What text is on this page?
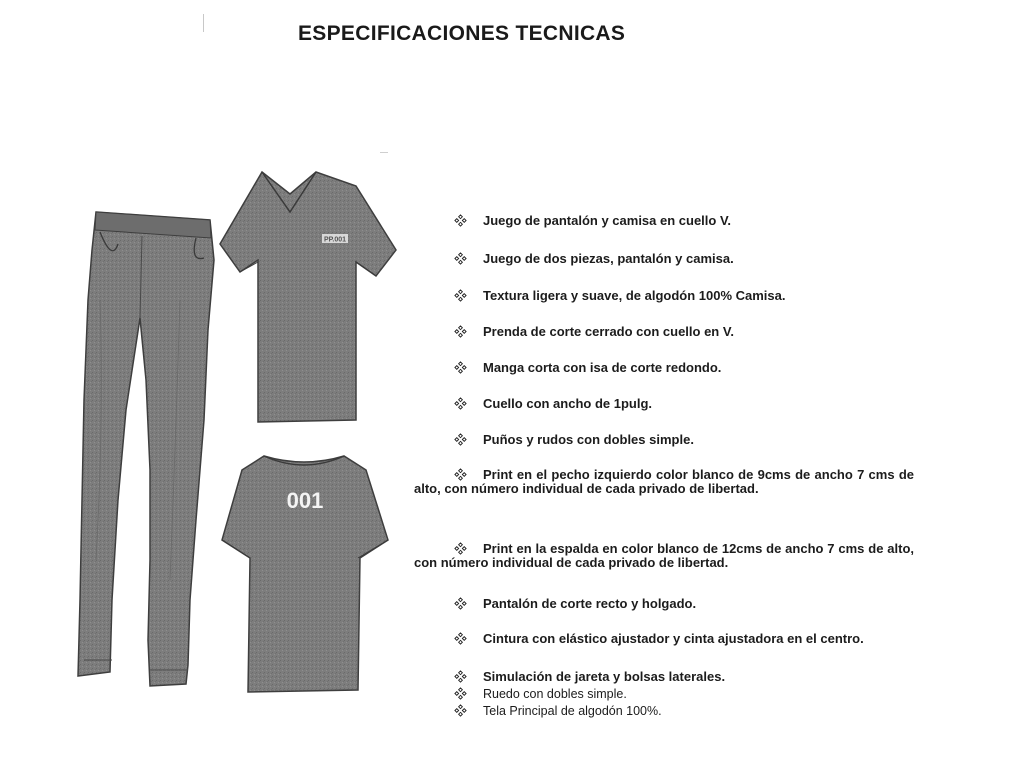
ESPECIFICACIONES TECNICAS
PP.001
001
Juego de pantalón y camisa en cuello V.
Juego de dos piezas, pantalón y camisa.
Textura ligera y suave, de algodón 100% Camisa.
Prenda de corte cerrado con cuello en V.
Manga corta con isa de corte redondo.
Cuello con ancho de 1pulg.
Puños y rudos con dobles simple.
Print en el pecho izquierdo color blanco de 9cms de ancho 7 cms de alto, con número individual de cada privado de libertad.
Print en la espalda en color blanco de 12cms de ancho 7 cms de alto, con número individual de cada privado de libertad.
Pantalón de corte recto y holgado.
Cintura con elástico ajustador y cinta ajustadora en el centro.
Simulación de jareta y bolsas laterales.
Ruedo con dobles simple.
Tela Principal de algodón 100%.
